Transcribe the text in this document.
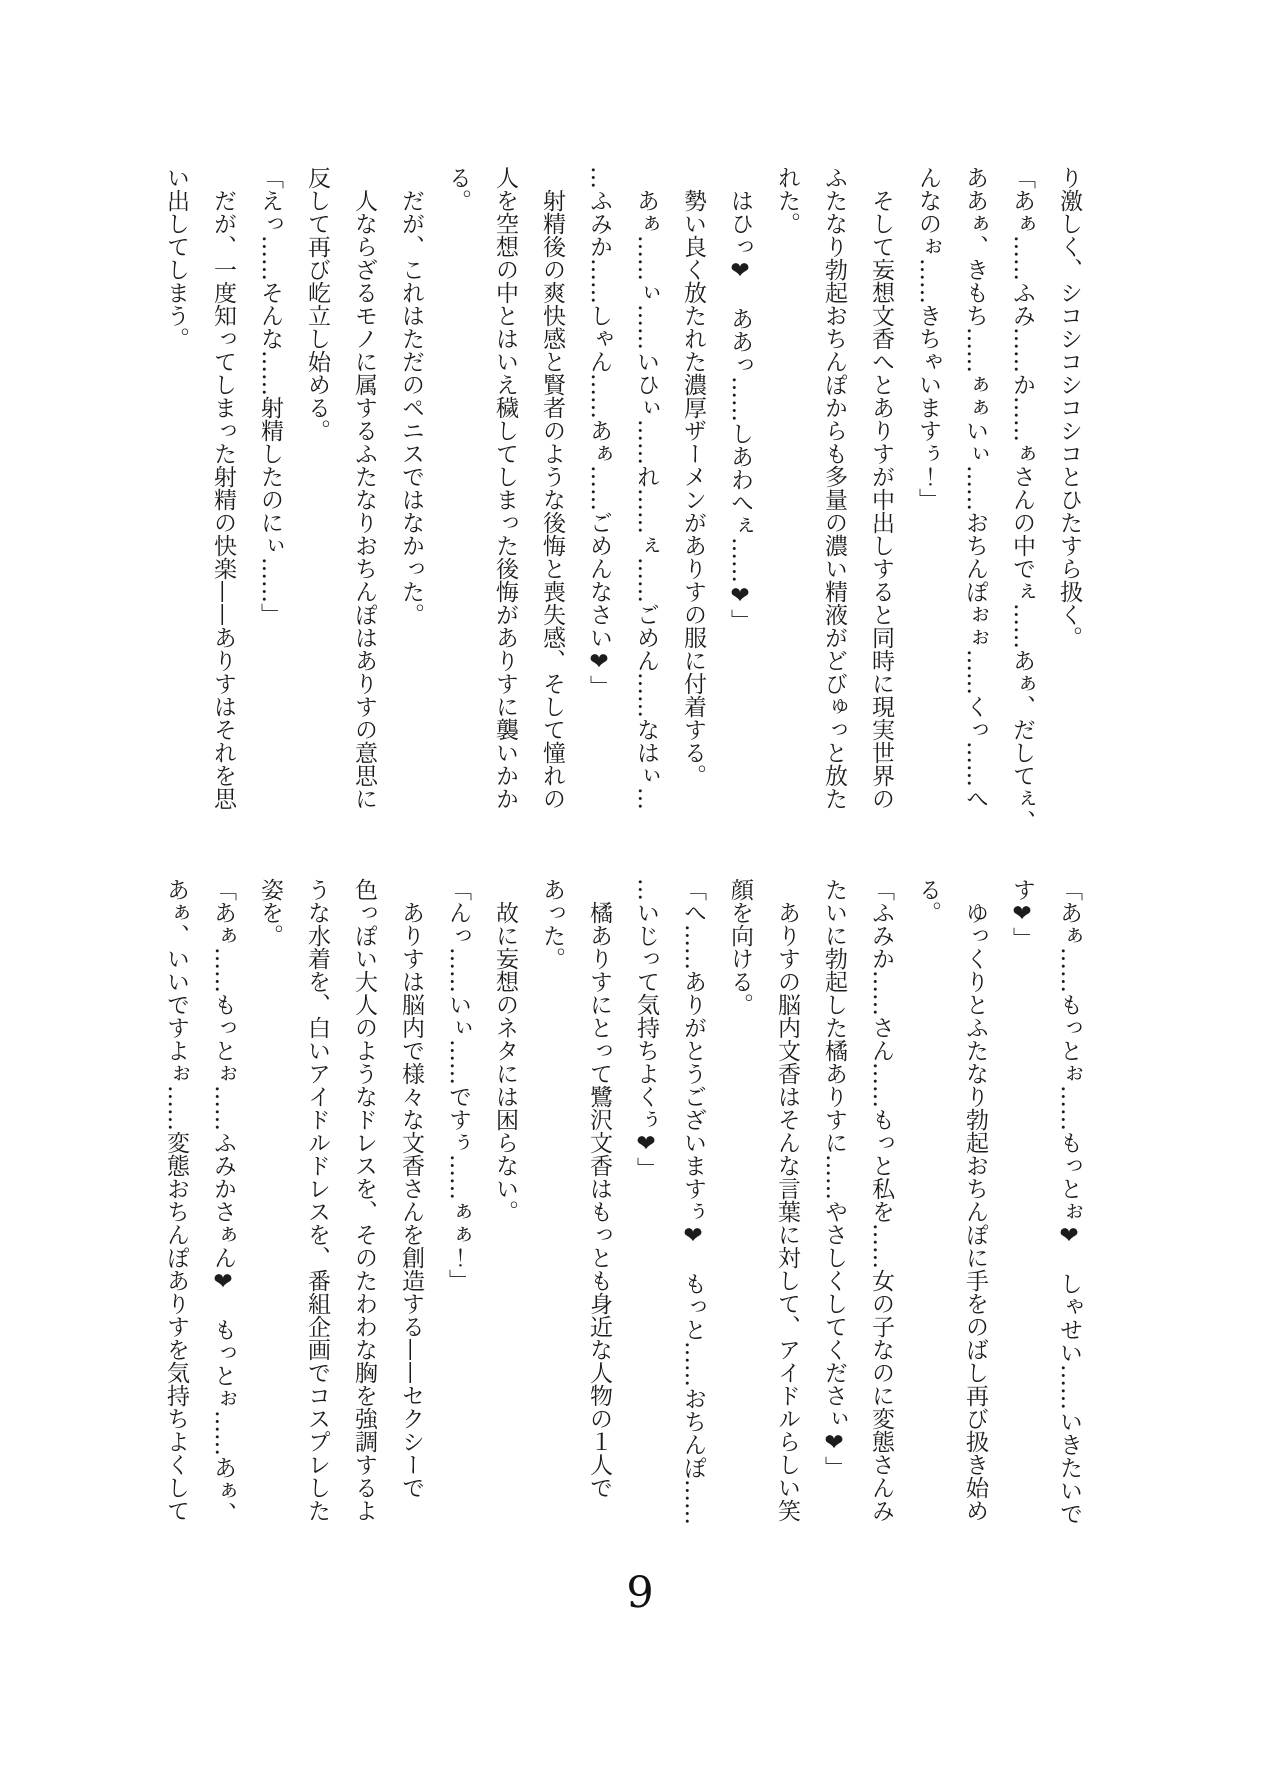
り激しく、シコシコシコシコとひたすら扱く。

「あぁ……ふみ……か……ぁさんの中でぇ……あぁ、だしてぇ、

ああぁ、きもち……ぁぁいぃ……おちんぽぉぉ……くっ……へ

んなのぉ……きちゃいますぅ！」

そして妄想文香へとありすが中出しすると同時に現実世界の

ふたなり勃起おちんぽからも多量の濃い精液がどびゅっと放た

れた。

はひっ❤　ああっ……しあわへぇ……❤」

勢い良く放たれた濃厚ザーメンがありすの服に付着する。

あぁ……ぃ……いひぃ……れ……ぇ……ごめん……なはぃ…

…ふみか……しゃん……あぁ……ごめんなさい❤」

射精後の爽快感と賢者のような後悔と喪失感、そして憧れの

人を空想の中とはいえ穢してしまった後悔がありすに襲いかか

る。

だが、これはただのペニスではなかった。

人ならざるモノに属するふたなりおちんぽはありすの意思に

反して再び屹立し始める。

「えっ……そんな……射精したのにぃ……」

だが、一度知ってしまった射精の快楽——ありすはそれを思

い出してしまう。

「あぁ……もっとぉ……もっとぉ❤　しゃせい……いきたいで

す❤」

ゆっくりとふたなり勃起おちんぽに手をのばし再び扱き始め

る。

「ふみか……さん……もっと私を……女の子なのに変態さんみ

たいに勃起した橘ありすに……やさしくしてくださぃ❤」

ありすの脳内文香はそんな言葉に対して、アイドルらしい笑

顔を向ける。

「へ……ありがとうございますぅ❤　もっと……おちんぽ……

…いじって気持ちよくぅ❤」

橘ありすにとって鷺沢文香はもっとも身近な人物の１人で

あった。

故に妄想のネタには困らない。

「んっ……いぃ……ですぅ……ぁぁ！」

ありすは脳内で様々な文香さんを創造する——セクシーで

色っぽい大人のようなドレスを、そのたわわな胸を強調するよ

うな水着を、白いアイドルドレスを、番組企画でコスプレした

姿を。

「あぁ……もっとぉ……ふみかさぁん❤　もっとぉ……あぁ、

あぁ、いいですよぉ……変態おちんぽありすを気持ちよくして

9
